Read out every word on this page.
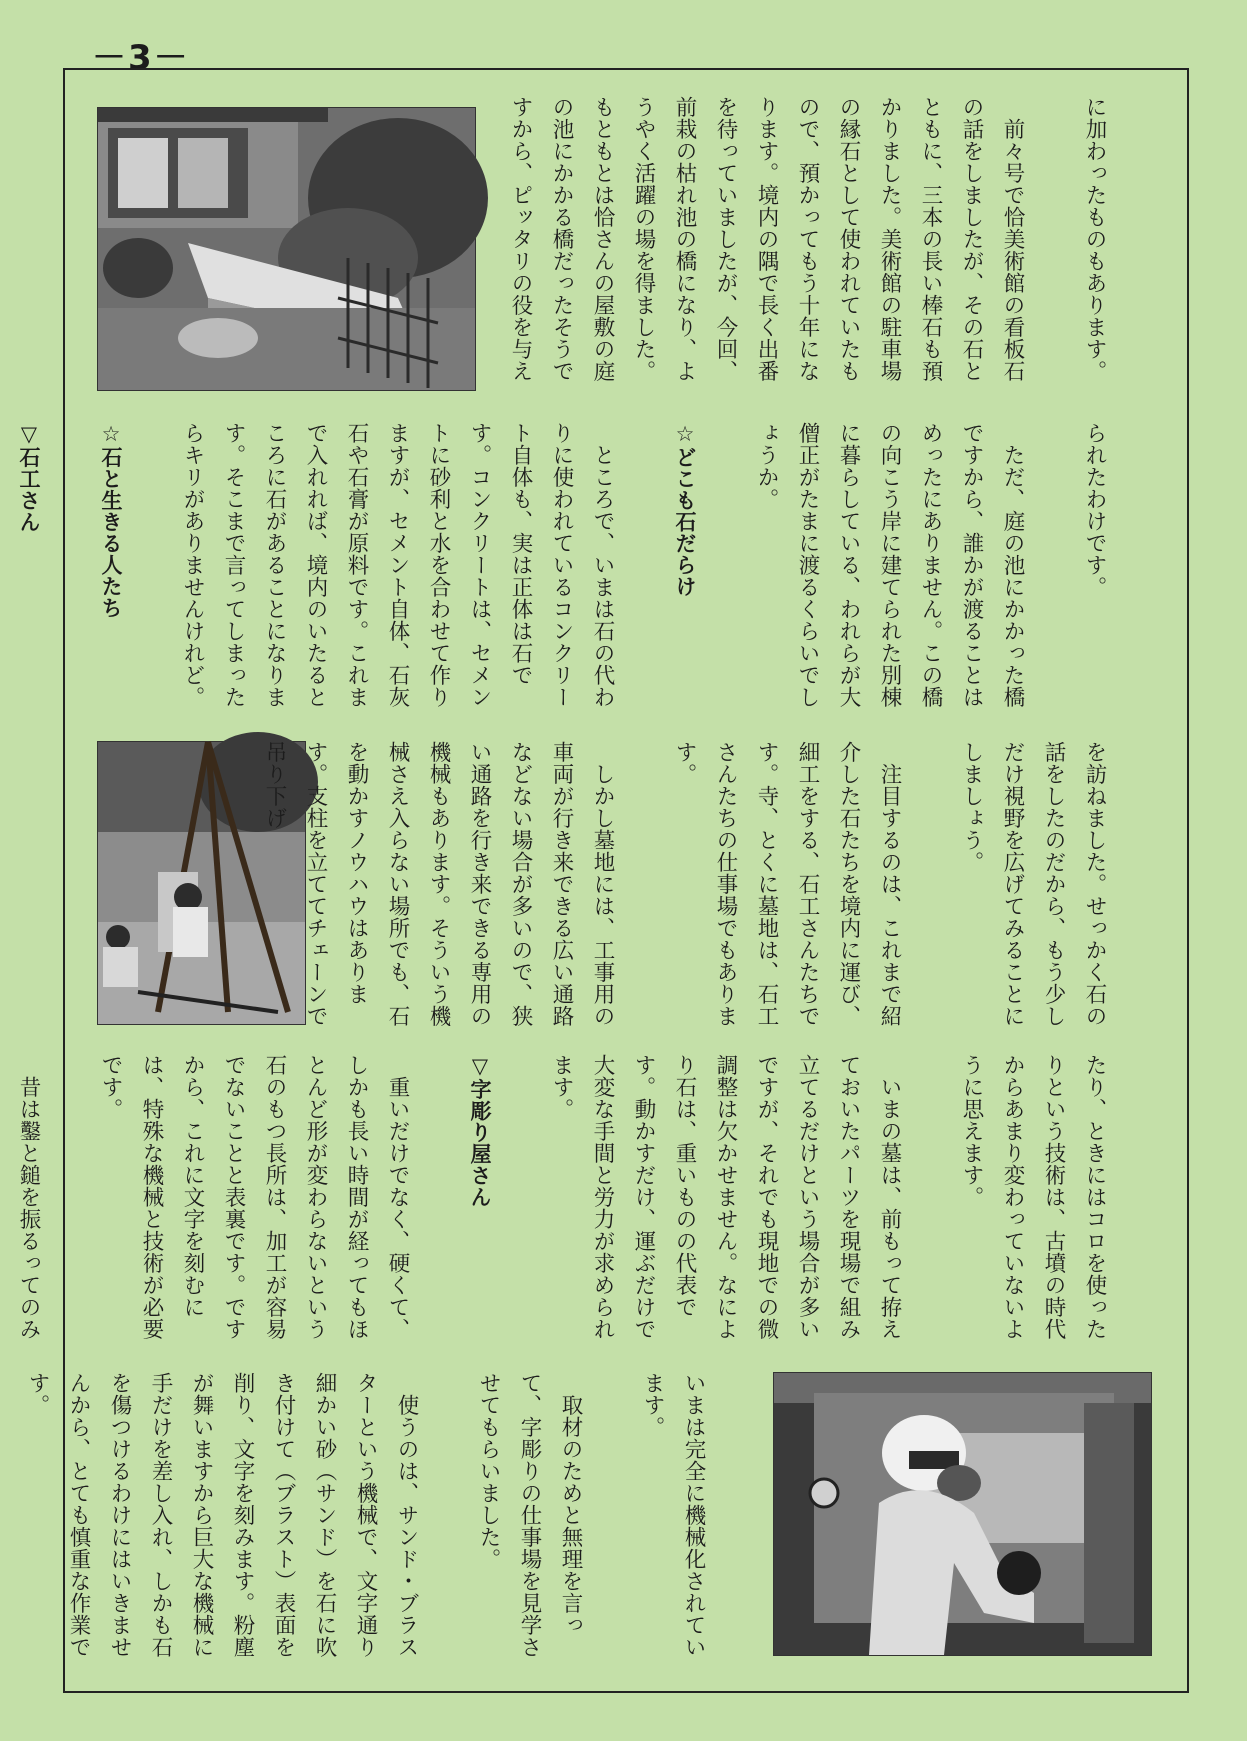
－3－

に加わったものもあります。

前々号で恰美術館の看板石の話をしましたが、その石とともに、三本の長い棒石も預かりました。美術館の駐車場の縁石として使われていたもので、預かってもう十年になります。境内の隅で長く出番を待っていましたが、今回、前栽の枯れ池の橋になり、ようやく活躍の場を得ました。もともとは恰さんの屋敷の庭の池にかかる橋だったそうですから、ピッタリの役を与え

られたわけです。

ただ、庭の池にかかった橋ですから、誰かが渡ることはめったにありません。この橋の向こう岸に建てられた別棟に暮らしている、われらが大僧正がたまに渡るくらいでしょうか。

☆どこも石だらけ

ところで、いまは石の代わりに使われているコンクリート自体も、実は正体は石です。コンクリートは、セメントに砂利と水を合わせて作りますが、セメント自体、石灰石や石膏が原料です。これまで入れれば、境内のいたるところに石があることになります。そこまで言ってしまったらキリがありませんけれど。

☆石と生きる人たち

▽石工さん

を訪ねました。せっかく石の話をしたのだから、もう少しだけ視野を広げてみることにしましょう。

注目するのは、これまで紹介した石たちを境内に運び、細工をする、石工さんたちです。寺、とくに墓地は、石工さんたちの仕事場でもあります。

しかし墓地には、工事用の車両が行き来できる広い通路などない場合が多いので、狭い通路を行き来できる専用の機械もあります。そういう機械さえ入らない場所でも、石を動かすノウハウはあります。支柱を立ててチェーンで吊り下げ

たり、ときにはコロを使ったりという技術は、古墳の時代からあまり変わっていないように思えます。

いまの墓は、前もって拵えておいたパーツを現場で組み立てるだけという場合が多いですが、それでも現地での微調整は欠かせません。なにより石は、重いものの代表です。動かすだけ、運ぶだけで大変な手間と労力が求められます。

▽字彫り屋さん

重いだけでなく、硬くて、しかも長い時間が経ってもほとんど形が変わらないという石のもつ長所は、加工が容易でないことと表裏です。ですから、これに文字を刻むには、特殊な機械と技術が必要です。

昔は鑿と鎚を振るってのみ

いまは完全に機械化されています。

取材のためと無理を言って、字彫りの仕事場を見学させてもらいました。

使うのは、サンド・ブラスターという機械で、文字通り細かい砂（サンド）を石に吹き付けて（ブラスト）表面を削り、文字を刻みます。粉塵が舞いますから巨大な機械に手だけを差し入れ、しかも石を傷つけるわけにはいきませんから、とても慎重な作業です。
